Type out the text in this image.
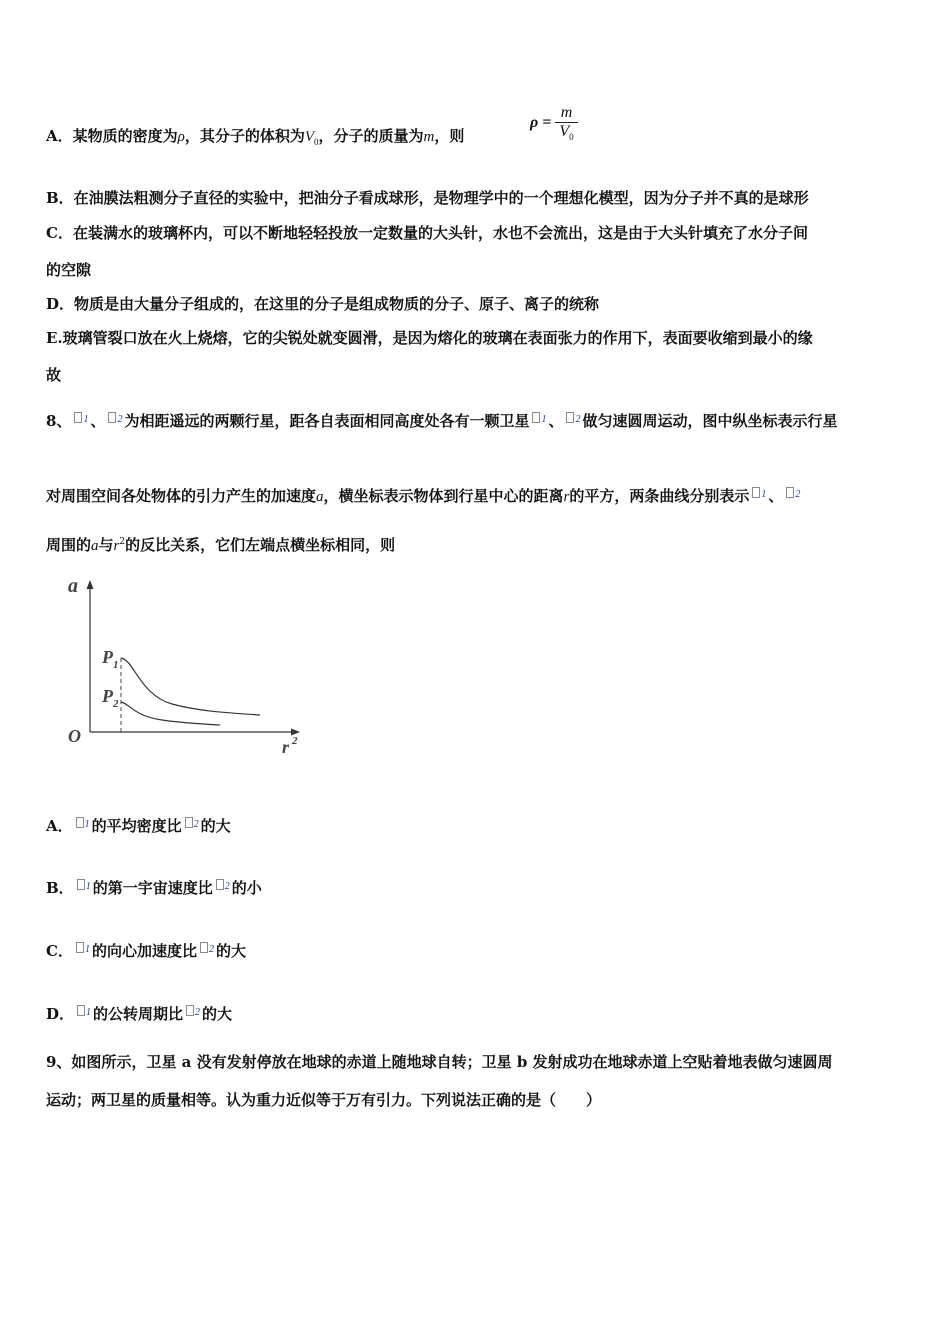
A．某物质的密度为ρ，其分子的体积为$V_0$，分子的质量为m，则
$\rho = \frac{m}{V_0}$
B．在油膜法粗测分子直径的实验中，把油分子看成球形，是物理学中的一个理想化模型，因为分子并不真的是球形
C．在装满水的玻璃杯内，可以不断地轻轻投放一定数量的大头针，水也不会流出，这是由于大头针填充了水分子间
的空隙
D．物质是由大量分子组成的，在这里的分子是组成物质的分子、原子、离子的统称
E.玻璃管裂口放在火上烧熔，它的尖锐处就变圆滑，是因为熔化的玻璃在表面张力的作用下，表面要收缩到最小的缘
故
8、 $^1$ 、 $^2$ 为相距遥远的两颗行星，距各自表面相同高度处各有一颗卫星 $^1$ 、 $^2$ 做匀速圆周运动，图中纵坐标表示行星
对周围空间各处物体的引力产生的加速度a，横坐标表示物体到行星中心的距离r的平方，两条曲线分别表示 $^1$ 、 $^2$
周围的a与$r^2$的反比关系，它们左端点横坐标相同，则
a
r 2
O
P 1
P 2
A． $^1$ 的平均密度比 $^2$ 的大
B． $^1$ 的第一宇宙速度比 $^2$ 的小
C． $^1$ 的向心加速度比 $^2$ 的大
D． $^1$ 的公转周期比 $^2$ 的大
9、如图所示，卫星 a 没有发射停放在地球的赤道上随地球自转；卫星 b 发射成功在地球赤道上空贴着地表做匀速圆周
运动；两卫星的质量相等。认为重力近似等于万有引力。下列说法正确的是（　　）
